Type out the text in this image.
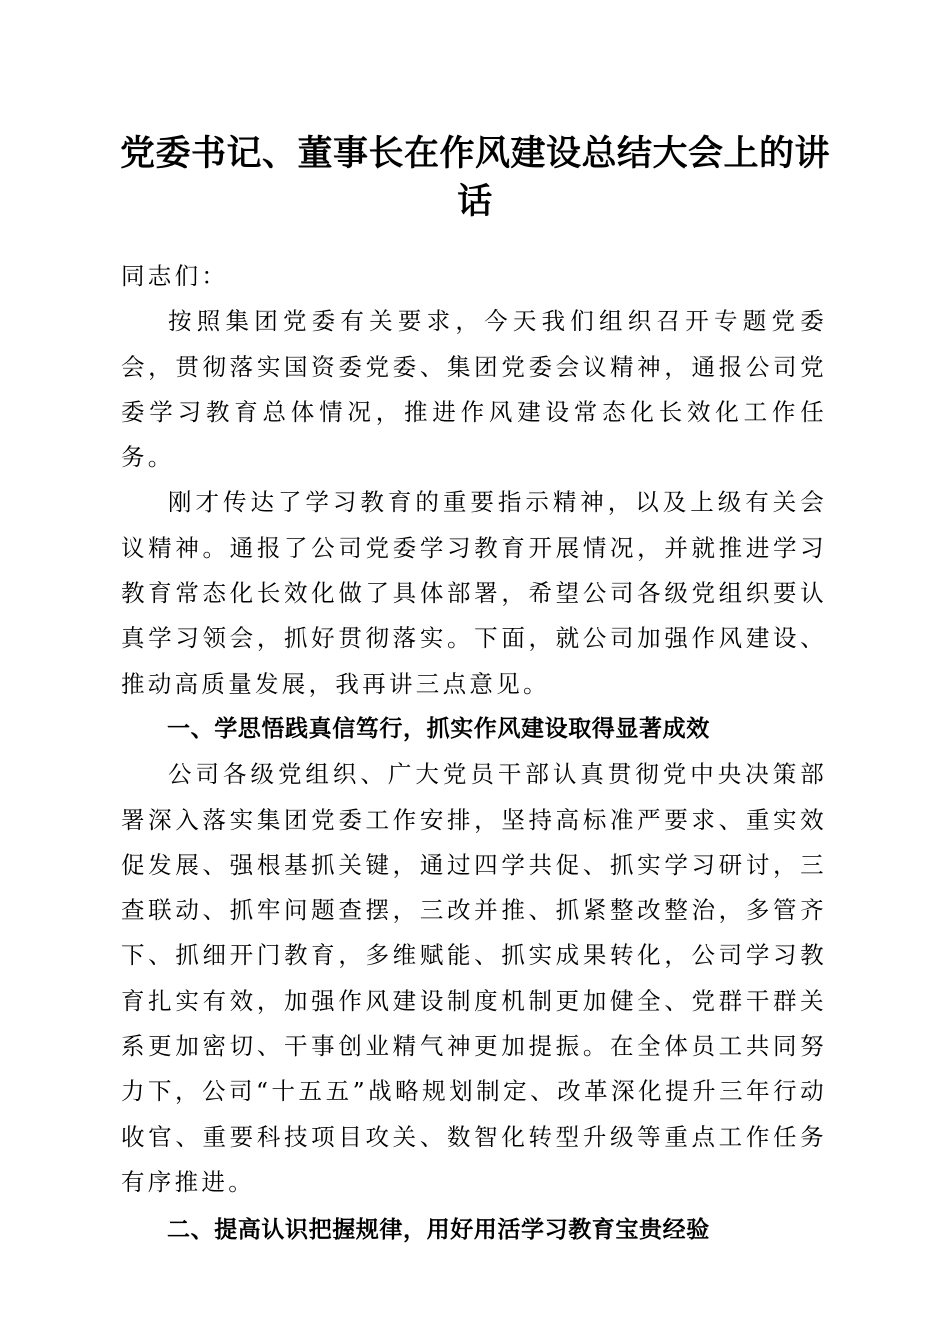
党委书记、董事长在作风建设总结大会上的讲话

同志们：

按照集团党委有关要求，今天我们组织召开专题党委会，贯彻落实国资委党委、集团党委会议精神，通报公司党委学习教育总体情况，推进作风建设常态化长效化工作任务。

刚才传达了学习教育的重要指示精神，以及上级有关会议精神。通报了公司党委学习教育开展情况，并就推进学习教育常态化长效化做了具体部署，希望公司各级党组织要认真学习领会，抓好贯彻落实。下面，就公司加强作风建设、推动高质量发展，我再讲三点意见。

一、学思悟践真信笃行，抓实作风建设取得显著成效

公司各级党组织、广大党员干部认真贯彻党中央决策部署深入落实集团党委工作安排，坚持高标准严要求、重实效促发展、强根基抓关键，通过四学共促、抓实学习研讨，三查联动、抓牢问题查摆，三改并推、抓紧整改整治，多管齐下、抓细开门教育，多维赋能、抓实成果转化，公司学习教育扎实有效，加强作风建设制度机制更加健全、党群干群关系更加密切、干事创业精气神更加提振。在全体员工共同努力下，公司“十五五”战略规划制定、改革深化提升三年行动收官、重要科技项目攻关、数智化转型升级等重点工作任务有序推进。

二、提高认识把握规律，用好用活学习教育宝贵经验
